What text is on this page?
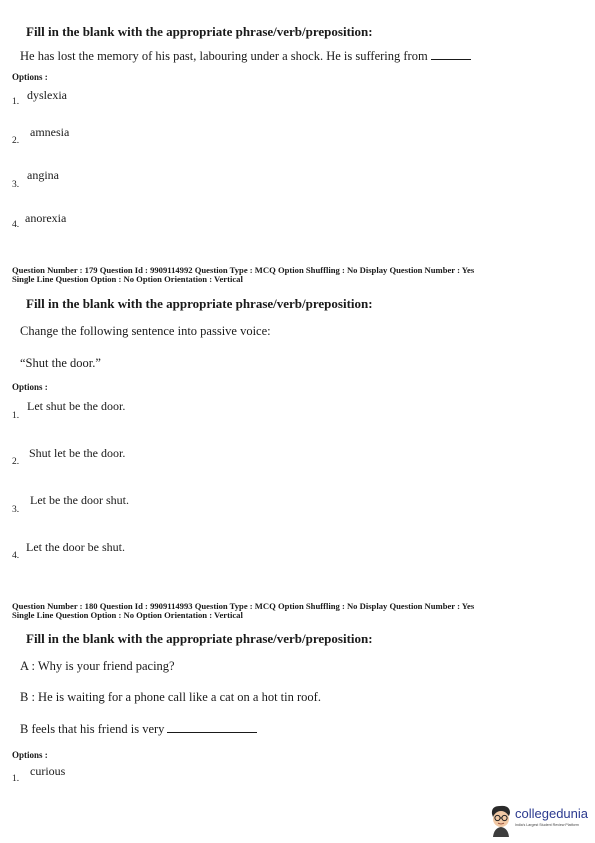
Fill in the blank with the appropriate phrase/verb/preposition:
He has lost the memory of his past, labouring under a shock. He is suffering from
Options :
1. dyslexia
2.
amnesia
3.
angina
4. anorexia
Question Number : 179 Question Id : 9909114992 Question Type : MCQ Option Shuffling : No Display Question Number : Yes
Single Line Question Option : No Option Orientation : Vertical
Fill in the blank with the appropriate phrase/verb/preposition:
Change the following sentence into passive voice:
“Shut the door.”
Options :
1.
Let shut be the door.
2.
Shut let be the door.
3.
Let be the door shut.
4.
Let the door be shut.
Question Number : 180 Question Id : 9909114993 Question Type : MCQ Option Shuffling : No Display Question Number : Yes
Single Line Question Option : No Option Orientation : Vertical
Fill in the blank with the appropriate phrase/verb/preposition:
A : Why is your friend pacing?
B : He is waiting for a phone call like a cat on a hot tin roof.
B feels that his friend is very
Options :
1.
curious
collegedunia
India's Largest Student Review Platform
